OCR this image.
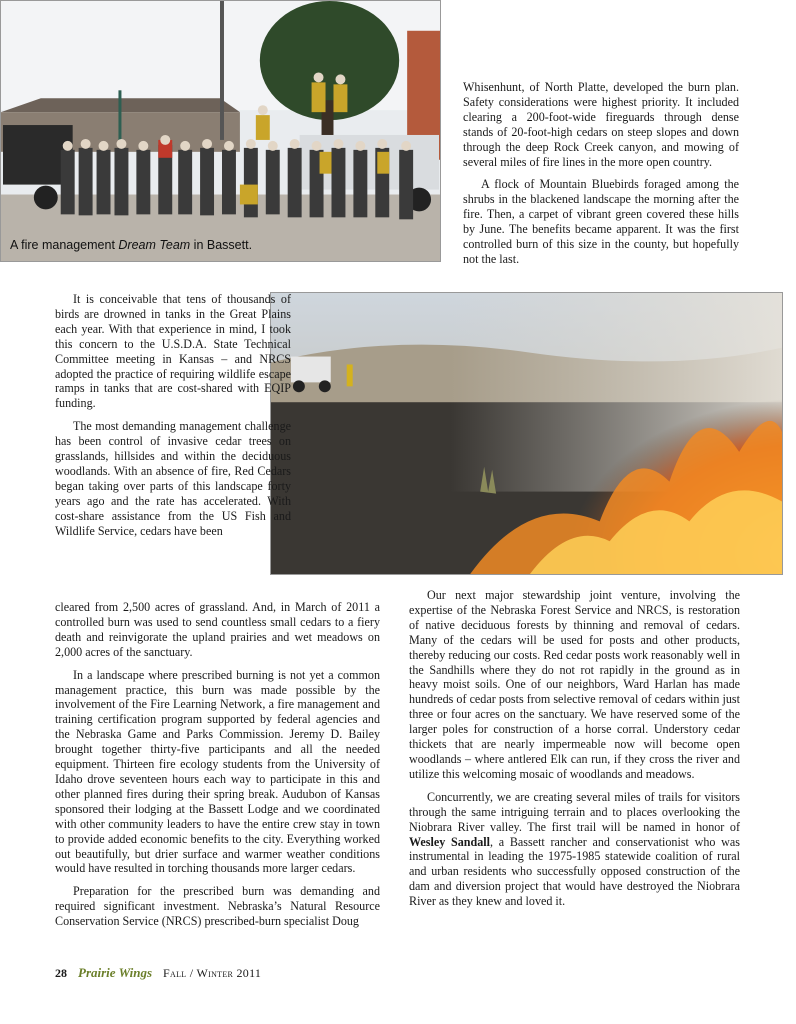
A fire management Dream Team in Bassett.

Whisenhunt, of North Platte, developed the burn plan. Safety considerations were highest priority. It included clearing a 200-foot-wide fireguards through dense stands of 20-foot-high cedars on steep slopes and down through the deep Rock Creek canyon, and mowing of several miles of fire lines in the more open country.

A flock of Mountain Bluebirds foraged among the shrubs in the blackened landscape the morning after the fire. Then, a carpet of vibrant green covered these hills by June. The benefits became apparent. It was the first controlled burn of this size in the county, but hopefully not the last.

It is conceivable that tens of thousands of birds are drowned in tanks in the Great Plains each year. With that experience in mind, I took this concern to the U.S.D.A. State Technical Committee meeting in Kansas – and NRCS adopted the practice of requiring wildlife escape ramps in tanks that are cost-shared with EQIP funding.

The most demanding management challenge has been control of invasive cedar trees on grasslands, hillsides and within the deciduous woodlands. With an absence of fire, Red Cedars began taking over parts of this landscape forty years ago and the rate has accelerated. With cost-share assistance from the US Fish and Wildlife Service, cedars have been

cleared from 2,500 acres of grassland. And, in March of 2011 a controlled burn was used to send countless small cedars to a fiery death and reinvigorate the upland prairies and wet meadows on 2,000 acres of the sanctuary.

In a landscape where prescribed burning is not yet a common management practice, this burn was made possible by the involvement of the Fire Learning Network, a fire management and training certification program supported by federal agencies and the Nebraska Game and Parks Commission. Jeremy D. Bailey brought together thirty-five participants and all the needed equipment. Thirteen fire ecology students from the University of Idaho drove seventeen hours each way to participate in this and other planned fires during their spring break. Audubon of Kansas sponsored their lodging at the Bassett Lodge and we coordinated with other community leaders to have the entire crew stay in town to provide added economic benefits to the city. Everything worked out beautifully, but drier surface and warmer weather conditions would have resulted in torching thousands more larger cedars.

Preparation for the prescribed burn was demanding and required significant investment. Nebraska’s Natural Resource Conservation Service (NRCS) prescribed-burn specialist Doug

Our next major stewardship joint venture, involving the expertise of the Nebraska Forest Service and NRCS, is restoration of native deciduous forests by thinning and removal of cedars. Many of the cedars will be used for posts and other products, thereby reducing our costs. Red cedar posts work reasonably well in the Sandhills where they do not rot rapidly in the ground as in heavy moist soils. One of our neighbors, Ward Harlan has made hundreds of cedar posts from selective removal of cedars within just three or four acres on the sanctuary. We have reserved some of the larger poles for construction of a horse corral. Understory cedar thickets that are nearly impermeable now will become open woodlands – where antlered Elk can run, if they cross the river and utilize this welcoming mosaic of woodlands and meadows.

Concurrently, we are creating several miles of trails for visitors through the same intriguing terrain and to places overlooking the Niobrara River valley. The first trail will be named in honor of Wesley Sandall, a Bassett rancher and conservationist who was instrumental in leading the 1975-1985 statewide coalition of rural and urban residents who successfully opposed construction of the dam and diversion project that would have destroyed the Niobrara River as they knew and loved it.

28 Prairie Wings Fall / Winter 2011
